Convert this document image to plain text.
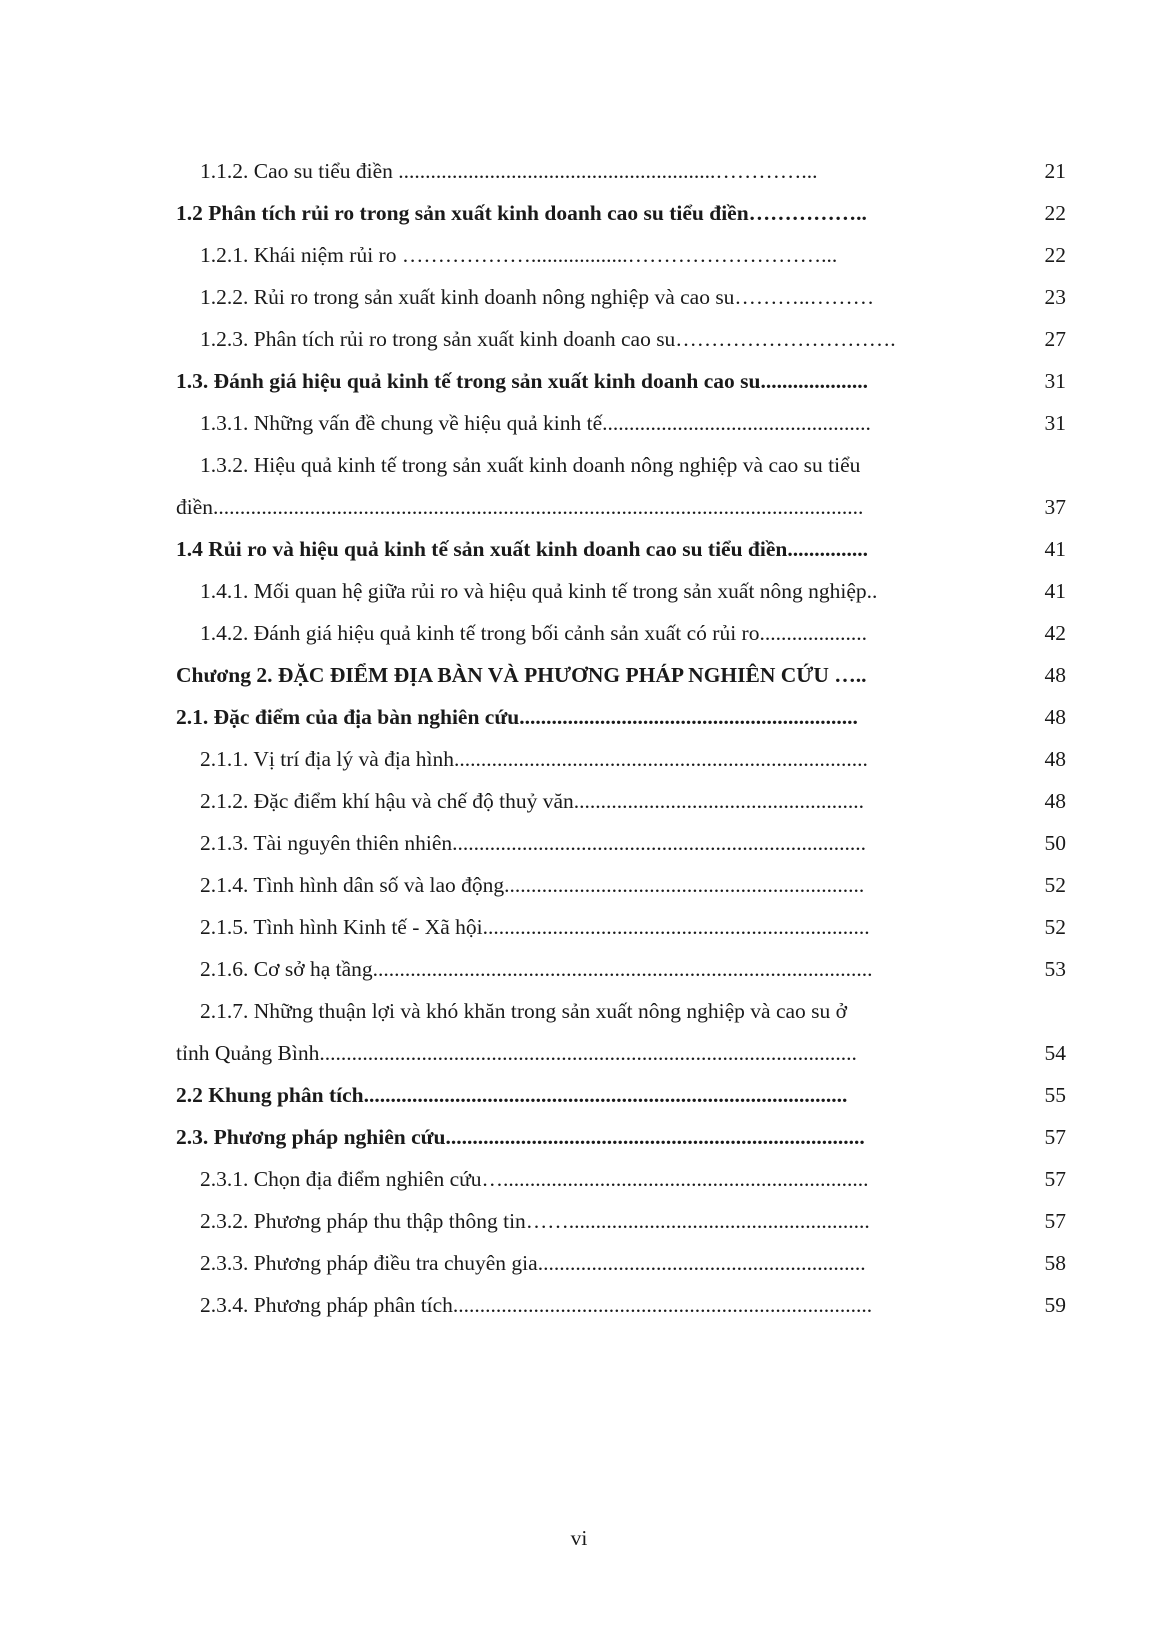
1.1.2. Cao su tiểu điền ...........................................................…………...	21
1.2 Phân tích rủi ro trong sản xuất kinh doanh cao su tiểu điền……………..	22
1.2.1. Khái niệm rủi ro ………………..................………………………...	22
1.2.2. Rủi ro trong sản xuất kinh doanh nông nghiệp và cao su………..………	23
1.2.3. Phân tích rủi ro trong sản xuất kinh doanh cao su………………………….	27
1.3. Đánh giá hiệu quả kinh tế trong sản xuất kinh doanh cao su....................	31
1.3.1. Những vấn đề chung về hiệu quả kinh tế..................................................	31
1.3.2. Hiệu quả kinh tế trong sản xuất kinh doanh nông nghiệp và cao su tiểu
điền.........................................................................................................................	37
1.4 Rủi ro và hiệu quả kinh tế sản xuất kinh doanh cao su tiểu điền...............	41
1.4.1. Mối quan hệ giữa rủi ro và hiệu quả kinh tế trong sản xuất nông nghiệp..	41
1.4.2. Đánh giá hiệu quả kinh tế trong bối cảnh sản xuất có rủi ro....................	42
Chương 2. ĐẶC ĐIỂM ĐỊA BÀN VÀ PHƯƠNG PHÁP NGHIÊN CỨU …..	48
2.1. Đặc điểm của địa bàn nghiên cứu...............................................................	48
2.1.1. Vị trí địa lý và địa hình.............................................................................	48
2.1.2. Đặc điểm khí hậu và chế độ thuỷ văn......................................................	48
2.1.3. Tài nguyên thiên nhiên.............................................................................	50
2.1.4. Tình hình dân số và lao động...................................................................	52
2.1.5. Tình hình Kinh tế - Xã hội........................................................................	52
2.1.6. Cơ sở hạ tầng.............................................................................................	53
2.1.7. Những thuận lợi và khó khăn trong sản xuất nông nghiệp và cao su ở
tỉnh Quảng Bình....................................................................................................	54
2.2 Khung phân tích..........................................................................................	55
2.3. Phương pháp nghiên cứu..............................................................................	57
2.3.1. Chọn địa điểm nghiên cứu…....................................................................	57
2.3.2. Phương pháp thu thập thông tin……........................................................	57
2.3.3. Phương pháp điều tra chuyên gia.............................................................	58
2.3.4. Phương pháp phân tích..............................................................................	59
vi
